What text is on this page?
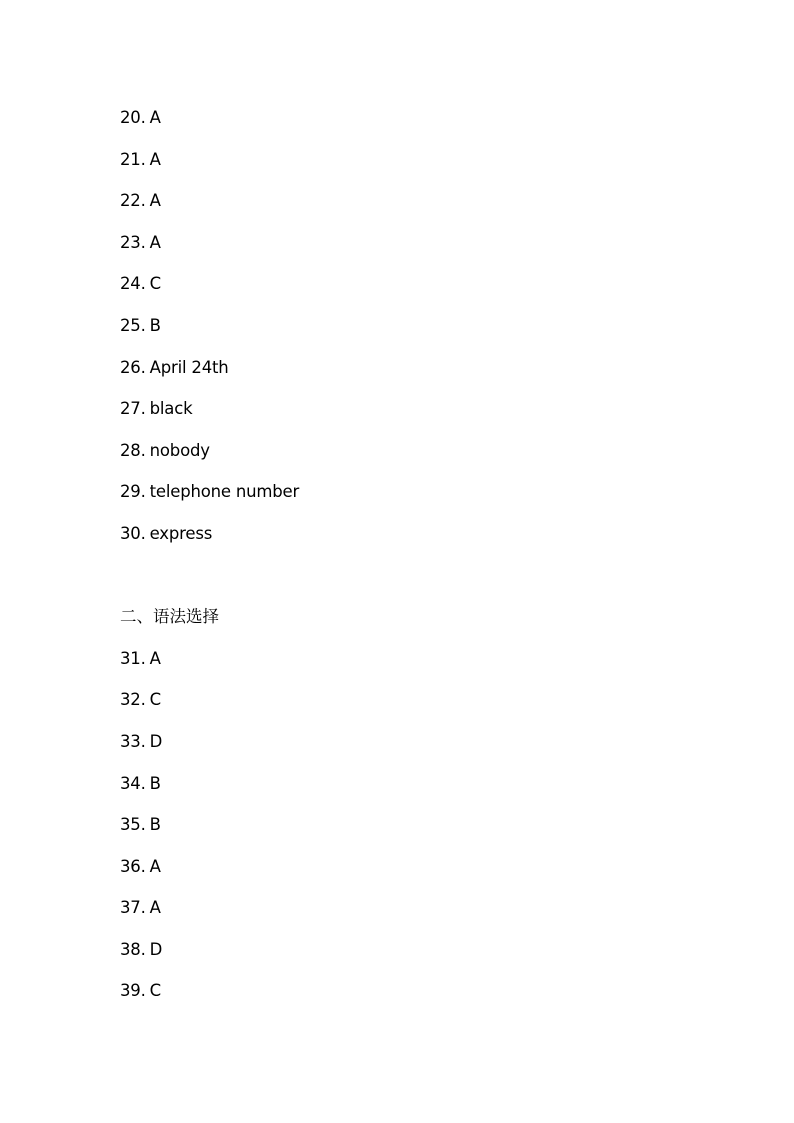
20. A
21. A
22. A
23. A
24. C
25. B
26. April 24th
27. black
28. nobody
29. telephone number
30. express
二、语法选择
31. A
32. C
33. D
34. B
35. B
36. A
37. A
38. D
39. C
